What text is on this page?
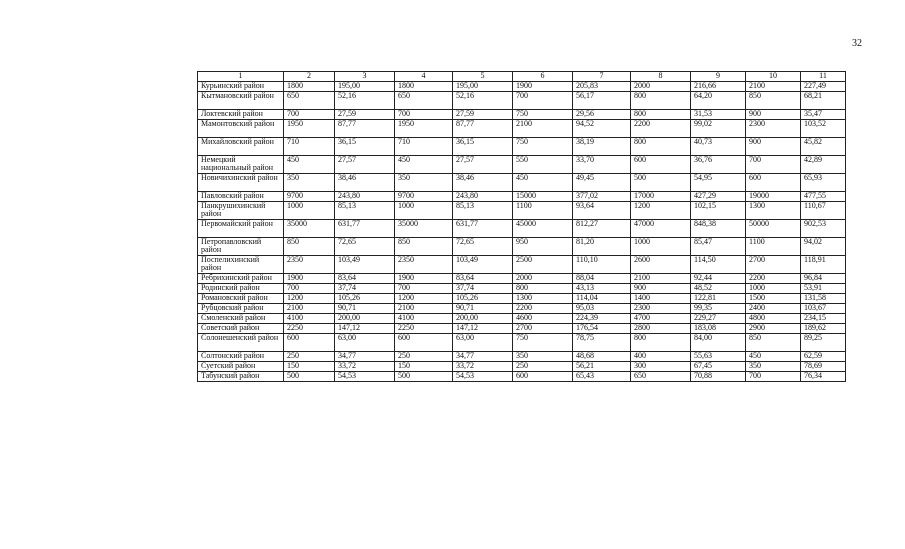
32
1	2	3	4	5	6	7	8	9	10	11
Курьинский район	1800	195,00	1800	195,00	1900	205,83	2000	216,66	2100	227,49
Кытмановский район	650	52,16	650	52,16	700	56,17	800	64,20	850	68,21
Локтевский район	700	27,59	700	27,59	750	29,56	800	31,53	900	35,47
Мамонтовский район	1950	87,77	1950	87,77	2100	94,52	2200	99,02	2300	103,52
Михайловский район	710	36,15	710	36,15	750	38,19	800	40,73	900	45,82
Немецкий национальный район	450	27,57	450	27,57	550	33,70	600	36,76	700	42,89
Новичихинский район	350	38,46	350	38,46	450	49,45	500	54,95	600	65,93
Павловский район	9700	243,80	9700	243,80	15000	377,02	17000	427,29	19000	477,55
Панкрушихинский район	1000	85,13	1000	85,13	1100	93,64	1200	102,15	1300	110,67
Первомайский район	35000	631,77	35000	631,77	45000	812,27	47000	848,38	50000	902,53
Петропавловский район	850	72,65	850	72,65	950	81,20	1000	85,47	1100	94,02
Поспелихинский район	2350	103,49	2350	103,49	2500	110,10	2600	114,50	2700	118,91
Ребрихинский район	1900	83,64	1900	83,64	2000	88,04	2100	92,44	2200	96,84
Родинский район	700	37,74	700	37,74	800	43,13	900	48,52	1000	53,91
Романовский район	1200	105,26	1200	105,26	1300	114,04	1400	122,81	1500	131,58
Рубцовский район	2100	90,71	2100	90,71	2200	95,03	2300	99,35	2400	103,67
Смоленский район	4100	200,00	4100	200,00	4600	224,39	4700	229,27	4800	234,15
Советский район	2250	147,12	2250	147,12	2700	176,54	2800	183,08	2900	189,62
Солонешенский район	600	63,00	600	63,00	750	78,75	800	84,00	850	89,25
Солтонский район	250	34,77	250	34,77	350	48,68	400	55,63	450	62,59
Суетский район	150	33,72	150	33,72	250	56,21	300	67,45	350	78,69
Табунский район	500	54,53	500	54,53	600	65,43	650	70,88	700	76,34
